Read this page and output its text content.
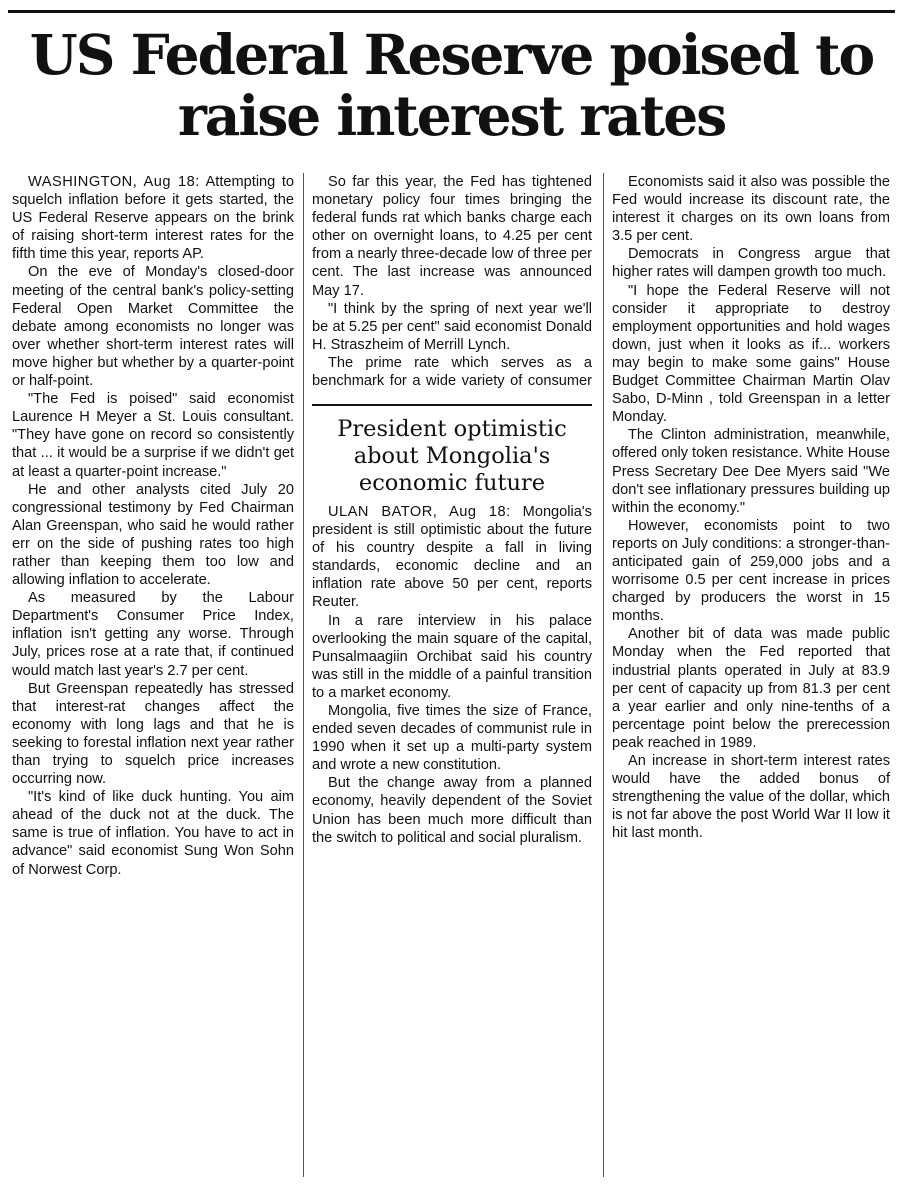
US Federal Reserve poised to raise interest rates

WASHINGTON, Aug 18: Attempting to squelch inflation before it gets started, the US Federal Reserve appears on the brink of raising short-term interest rates for the fifth time this year, reports AP.

On the eve of Monday's closed-door meeting of the central bank's policy-setting Federal Open Market Committee the debate among economists no longer was over whether short-term interest rates will move higher but whether by a quarter-point or half-point.

"The Fed is poised" said economist Laurence H Meyer a St. Louis consultant. "They have gone on record so consistently that ... it would be a surprise if we didn't get at least a quarter-point increase."

He and other analysts cited July 20 congressional testimony by Fed Chairman Alan Greenspan, who said he would rather err on the side of pushing rates too high rather than keeping them too low and allowing inflation to accelerate.

As measured by the Labour Department's Consumer Price Index, inflation isn't getting any worse. Through July, prices rose at a rate that, if continued would match last year's 2.7 per cent.

But Greenspan repeatedly has stressed that interest-rat changes affect the economy with long lags and that he is seeking to forestal inflation next year rather than trying to squelch price increases occurring now.

"It's kind of like duck hunting. You aim ahead of the duck not at the duck. The same is true of inflation. You have to act in advance" said economist Sung Won Sohn of Norwest Corp.

So far this year, the Fed has tightened monetary policy four times bringing the federal funds rat which banks charge each other on overnight loans, to 4.25 per cent from a nearly three-decade low of three per cent. The last increase was announced May 17.

"I think by the spring of next year we'll be at 5.25 per cent" said economist Donald H. Straszheim of Merrill Lynch.

The prime rate which serves as a benchmark for a wide variety of consumer

President optimistic about Mongolia's economic future

ULAN BATOR, Aug 18: Mongolia's president is still optimistic about the future of his country despite a fall in living standards, economic decline and an inflation rate above 50 per cent, reports Reuter.

In a rare interview in his palace overlooking the main square of the capital, Punsalmaagiin Orchibat said his country was still in the middle of a painful transition to a market economy.

Mongolia, five times the size of France, ended seven decades of communist rule in 1990 when it set up a multi-party system and wrote a new constitution.

But the change away from a planned economy, heavily dependent of the Soviet Union has been much more difficult than the switch to political and social pluralism.

Economists said it also was possible the Fed would increase its discount rate, the interest it charges on its own loans from 3.5 per cent.

Democrats in Congress argue that higher rates will dampen growth too much.

"I hope the Federal Reserve will not consider it appropriate to destroy employment opportunities and hold wages down, just when it looks as if... workers may begin to make some gains" House Budget Committee Chairman Martin Olav Sabo, D-Minn , told Greenspan in a letter Monday.

The Clinton administration, meanwhile, offered only token resistance. White House Press Secretary Dee Dee Myers said "We don't see inflationary pressures building up within the economy."

However, economists point to two reports on July conditions: a stronger-than-anticipated gain of 259,000 jobs and a worrisome 0.5 per cent increase in prices charged by producers the worst in 15 months.

Another bit of data was made public Monday when the Fed reported that industrial plants operated in July at 83.9 per cent of capacity up from 81.3 per cent a year earlier and only nine-tenths of a percentage point below the prerecession peak reached in 1989.

An increase in short-term interest rates would have the added bonus of strengthening the value of the dollar, which is not far above the post World War II low it hit last month.
